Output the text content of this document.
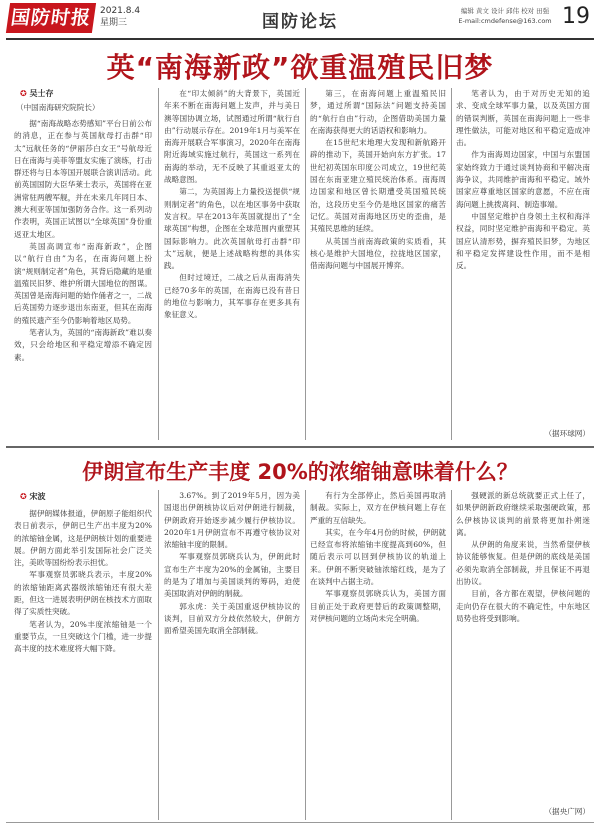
国防时报 2021.8.4
星期三	国防论坛
编辑 黄文 设计 邱伟 校对 田强
E-mail:cmdefense@163.com 19
英“南海新政”欲重温殖民旧梦
✪ 吴士存
（中国南海研究院院长）

据“南海战略态势感知”平台日前公布的消息，正在参与英国航母打击群“印太”远航任务的“伊丽莎白女王”号航母近日在南海与美菲等盟友实施了演练，打击群还将与日本等国开展联合演训活动。此前英国国防大臣华莱士表示，英国将在亚洲常驻两艘军舰，并在未来几年同日本、澳大利亚等国加强防务合作。这一系列动作表明，英国正试图以“全球英国”身份重返亚太地区。

英国高调宣布“南海新政”，企图以“航行自由”为名，在南海问题上扮演“规则制定者”角色，其背后隐藏的是重温殖民旧梦、维护所谓大国地位的图谋。英国曾是南海问题的始作俑者之一，二战后英国势力逐步退出东南亚，但其在南海的殖民遗产至今仍影响着地区局势。

笔者认为，英国的“南海新政”难以奏效，只会给地区和平稳定增添不确定因素。

在“印太倾斜”的大背景下，英国近年来不断在南海问题上发声，并与美日澳等国协调立场，试图通过所谓“航行自由”行动展示存在。2019年1月与美军在南海开展联合军事演习，2020年在南海附近海域实施过航行，英国这一系列在南海的举动，无不反映了其重返亚太的战略意图。

第二，为英国海上力量投送提供“规则制定者”的角色，以在地区事务中获取发言权。早在2013年英国就提出了“全球英国”构想，企图在全球范围内重塑其国际影响力。此次英国航母打击群“印太”远航，便是上述战略构想的具体实践。

但时过境迁，二战之后从南海消失已经70多年的英国，在南海已没有昔日的地位与影响力，其军事存在更多具有象征意义。

第三，在南海问题上重温殖民旧梦，通过所谓“国际法”问题支持美国的“航行自由”行动，企图借助美国力量在南海获得更大的话语权和影响力。

在15世纪末地理大发现和新航路开辟的推动下，英国开始向东方扩张。17世纪初英国东印度公司成立，19世纪英国在东南亚建立殖民统治体系。南海周边国家和地区曾长期遭受英国殖民统治，这段历史至今仍是地区国家的痛苦记忆。英国对南海地区历史的歪曲，是其殖民思维的延续。

从英国当前南海政策的实质看，其核心是维护大国地位，拉拢地区国家，借南海问题与中国展开博弈。

笔者认为，由于对历史无知的追求、变成全球军事力量，以及英国方面的错误判断，英国在南海问题上一些非理性做法，可能对地区和平稳定造成冲击。

作为南海周边国家，中国与东盟国家始终致力于通过谈判协商和平解决南海争议，共同维护南海和平稳定。域外国家应尊重地区国家的意愿，不应在南海问题上挑拨离间、制造事端。

中国坚定维护自身领土主权和海洋权益，同时坚定维护南海和平稳定。英国应认清形势，摒弃殖民旧梦，为地区和平稳定发挥建设性作用，而不是相反。

（据环球网）
伊朗宣布生产丰度 20%的浓缩铀意味着什么？
✪ 宋波

据伊朗媒体报道，伊朗原子能组织代表日前表示，伊朗已生产出丰度为20%的浓缩铀金属，这是伊朗核计划的重要进展。伊朗方面此举引发国际社会广泛关注，美欧等国纷纷表示担忧。

军事观察员郭晓兵表示，丰度20%的浓缩铀距离武器级浓缩铀还有很大差距，但这一进展表明伊朗在核技术方面取得了实质性突破。

笔者认为，20%丰度浓缩铀是一个重要节点，一旦突破这个门槛，进一步提高丰度的技术难度将大幅下降。

3.67%。到了2019年5月，因为美国退出伊朗核协议后对伊朗进行制裁，伊朗政府开始逐步减少履行伊核协议。2020年1月伊朗宣布不再遵守核协议对浓缩铀丰度的限制。

军事观察员郭晓兵认为，伊朗此时宣布生产丰度为20%的金属铀，主要目的是为了增加与美国谈判的筹码，迫使美国取消对伊朗的制裁。

郭永虎：关于美国重返伊核协议的谈判，目前双方分歧依然较大，伊朗方面希望美国先取消全部制裁。

有行为全部停止，然后美国再取消制裁。实际上，双方在伊核问题上存在严重的互信缺失。

其实，在今年4月份的时候，伊朗就已经宣布将浓缩铀丰度提高到60%，但随后表示可以回到伊核协议的轨道上来。伊朗不断突破铀浓缩红线，是为了在谈判中占据主动。

军事观察员郭晓兵认为，美国方面目前正处于政府更替后的政策调整期，对伊核问题的立场尚未完全明确。

强硬派的新总统就要正式上任了，如果伊朗新政府继续采取强硬政策，那么伊核协议谈判的前景将更加扑朔迷离。

从伊朗的角度来说，当然希望伊核协议能够恢复。但是伊朗的底线是美国必须先取消全部制裁，并且保证不再退出协议。

目前，各方都在观望，伊核问题的走向仍存在很大的不确定性，中东地区局势也将受到影响。

（据央广网）
